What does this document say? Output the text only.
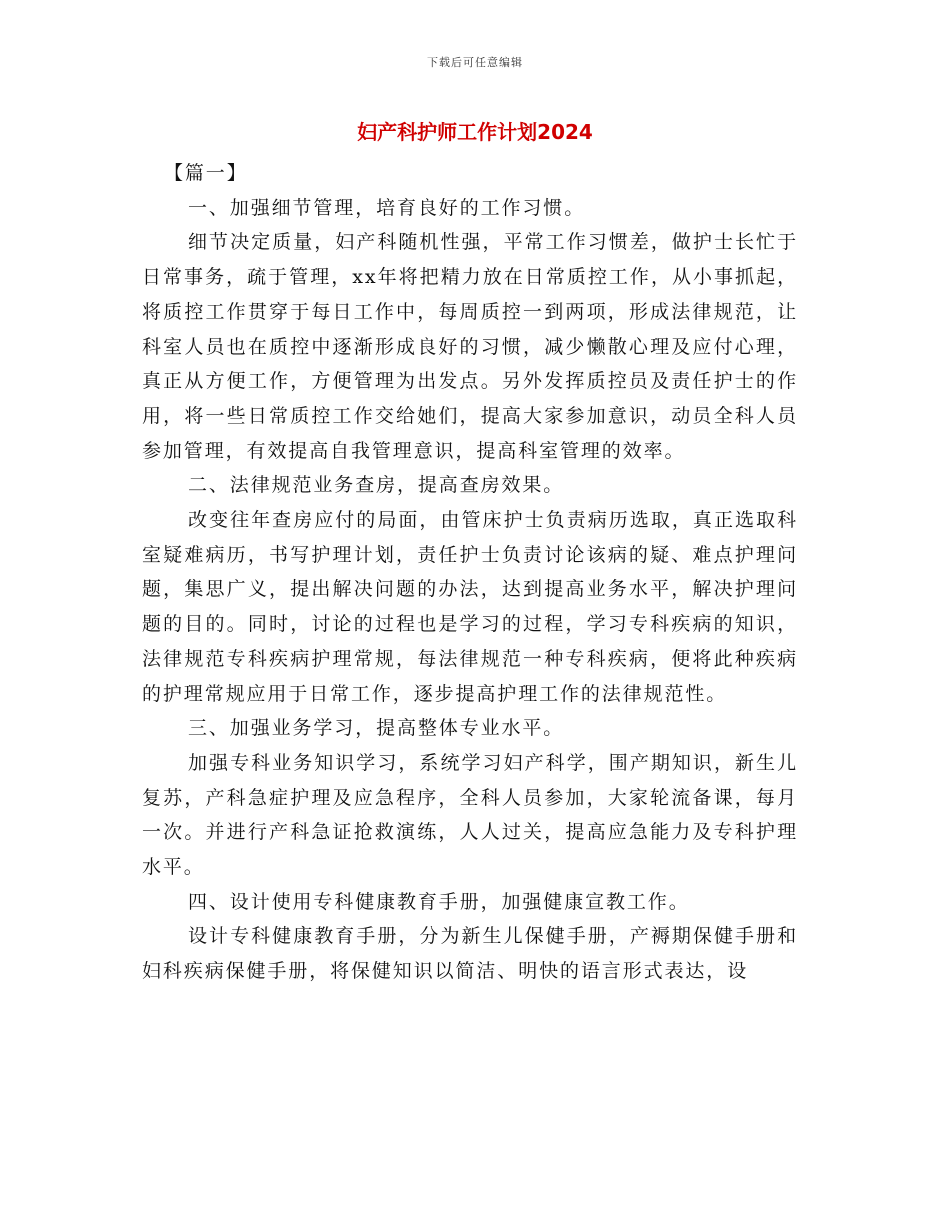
下载后可任意编辑
妇产科护师工作计划2024

【篇一】

一、加强细节管理，培育良好的工作习惯。

细节决定质量，妇产科随机性强，平常工作习惯差，做护士长忙于日常事务，疏于管理，xx年将把精力放在日常质控工作，从小事抓起，将质控工作贯穿于每日工作中，每周质控一到两项，形成法律规范，让科室人员也在质控中逐渐形成良好的习惯，减少懒散心理及应付心理，真正从方便工作，方便管理为出发点。另外发挥质控员及责任护士的作用，将一些日常质控工作交给她们，提高大家参加意识，动员全科人员参加管理，有效提高自我管理意识，提高科室管理的效率。

二、法律规范业务查房，提高查房效果。

改变往年查房应付的局面，由管床护士负责病历选取，真正选取科室疑难病历，书写护理计划，责任护士负责讨论该病的疑、难点护理问题，集思广义，提出解决问题的办法，达到提高业务水平，解决护理问题的目的。同时，讨论的过程也是学习的过程，学习专科疾病的知识，法律规范专科疾病护理常规，每法律规范一种专科疾病，便将此种疾病的护理常规应用于日常工作，逐步提高护理工作的法律规范性。

三、加强业务学习，提高整体专业水平。

加强专科业务知识学习，系统学习妇产科学，围产期知识，新生儿复苏，产科急症护理及应急程序，全科人员参加，大家轮流备课，每月一次。并进行产科急证抢救演练，人人过关，提高应急能力及专科护理水平。

四、设计使用专科健康教育手册，加强健康宣教工作。

设计专科健康教育手册，分为新生儿保健手册，产褥期保健手册和妇科疾病保健手册，将保健知识以简洁、明快的语言形式表达，设
